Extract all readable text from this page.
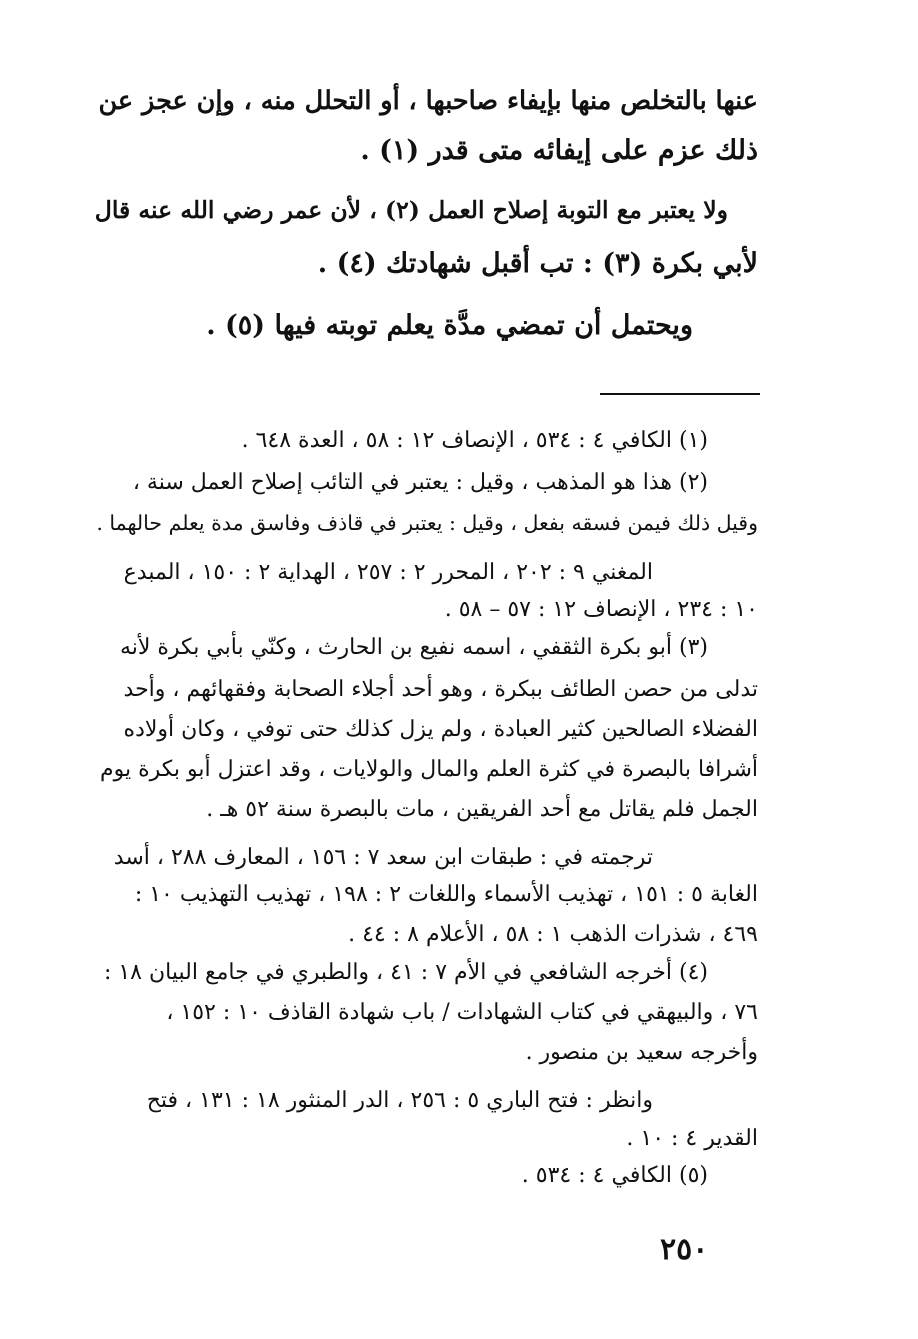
عنها بالتخلص منها بإيفاء صاحبها ، أو التحلل منه ، وإن عجز عن
ذلك عزم على إيفائه متى قدر (١) .
ولا يعتبر مع التوبة إصلاح العمل (٢) ، لأن عمر رضي الله عنه قال
لأبي بكرة (٣) : تب أقبل شهادتك (٤) .
ويحتمل أن تمضي مدَّة يعلم توبته فيها (٥) .
(١) الكافي ٤ : ٥٣٤ ، الإنصاف ١٢ : ٥٨ ، العدة ٦٤٨ .
(٢) هذا هو المذهب ، وقيل : يعتبر في التائب إصلاح العمل سنة ،
وقيل ذلك فيمن فسقه بفعل ، وقيل : يعتبر في قاذف وفاسق مدة يعلم حالهما .
المغني ٩ : ٢٠٢ ، المحرر ٢ : ٢٥٧ ، الهداية ٢ : ١٥٠ ، المبدع
١٠ : ٢٣٤ ، الإنصاف ١٢ : ٥٧ – ٥٨ .
(٣) أبو بكرة الثقفي ، اسمه نفيع بن الحارث ، وكنّي بأبي بكرة لأنه
تدلى من حصن الطائف ببكرة ، وهو أحد أجلاء الصحابة وفقهائهم ، وأحد
الفضلاء الصالحين كثير العبادة ، ولم يزل كذلك حتى توفي ، وكان أولاده
أشرافا بالبصرة في كثرة العلم والمال والولايات ، وقد اعتزل أبو بكرة يوم
الجمل فلم يقاتل مع أحد الفريقين ، مات بالبصرة سنة ٥٢ هـ .
ترجمته في : طبقات ابن سعد ٧ : ١٥٦ ، المعارف ٢٨٨ ، أسد
الغابة ٥ : ١٥١ ، تهذيب الأسماء واللغات ٢ : ١٩٨ ، تهذيب التهذيب ١٠ :
٤٦٩ ، شذرات الذهب ١ : ٥٨ ، الأعلام ٨ : ٤٤ .
(٤) أخرجه الشافعي في الأم ٧ : ٤١ ، والطبري في جامع البيان ١٨ :
٧٦ ، والبيهقي في كتاب الشهادات / باب شهادة القاذف ١٠ : ١٥٢ ،
وأخرجه سعيد بن منصور .
وانظر : فتح الباري ٥ : ٢٥٦ ، الدر المنثور ١٨ : ١٣١ ، فتح
القدير ٤ : ١٠ .
(٥) الكافي ٤ : ٥٣٤ .
٢٥٠
